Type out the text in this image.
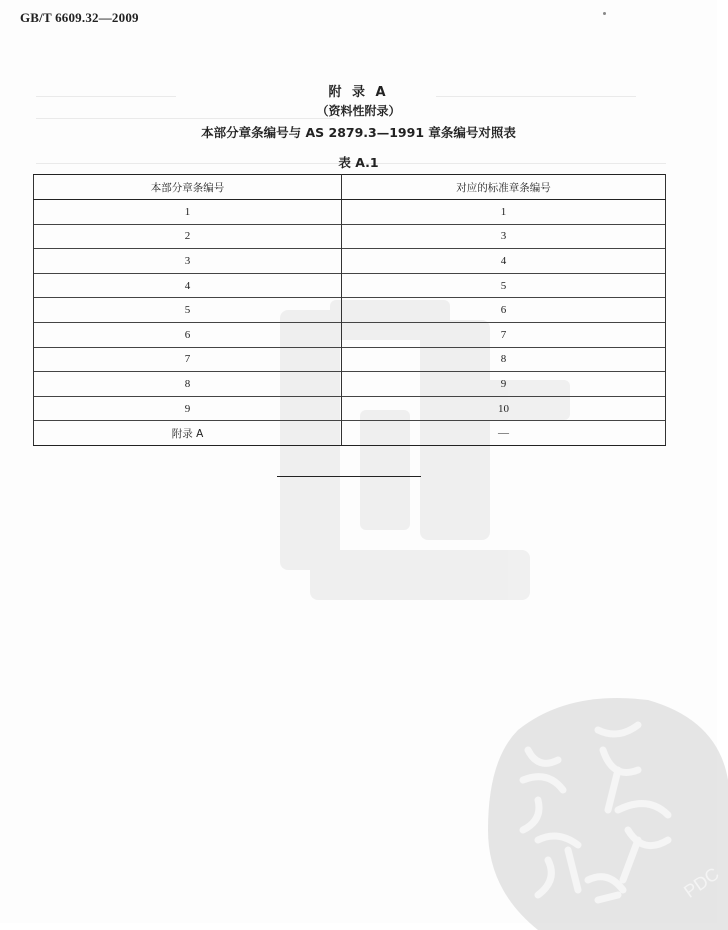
GB/T 6609.32—2009
附 录 A
（资料性附录）
本部分章条编号与 AS 2879.3—1991 章条编号对照表
表 A.1
本部分章条编号	对应的标准章条编号
1	1
2	3
3	4
4	5
5	6
6	7
7	8
8	9
9	10
附录 A	—
PDC
